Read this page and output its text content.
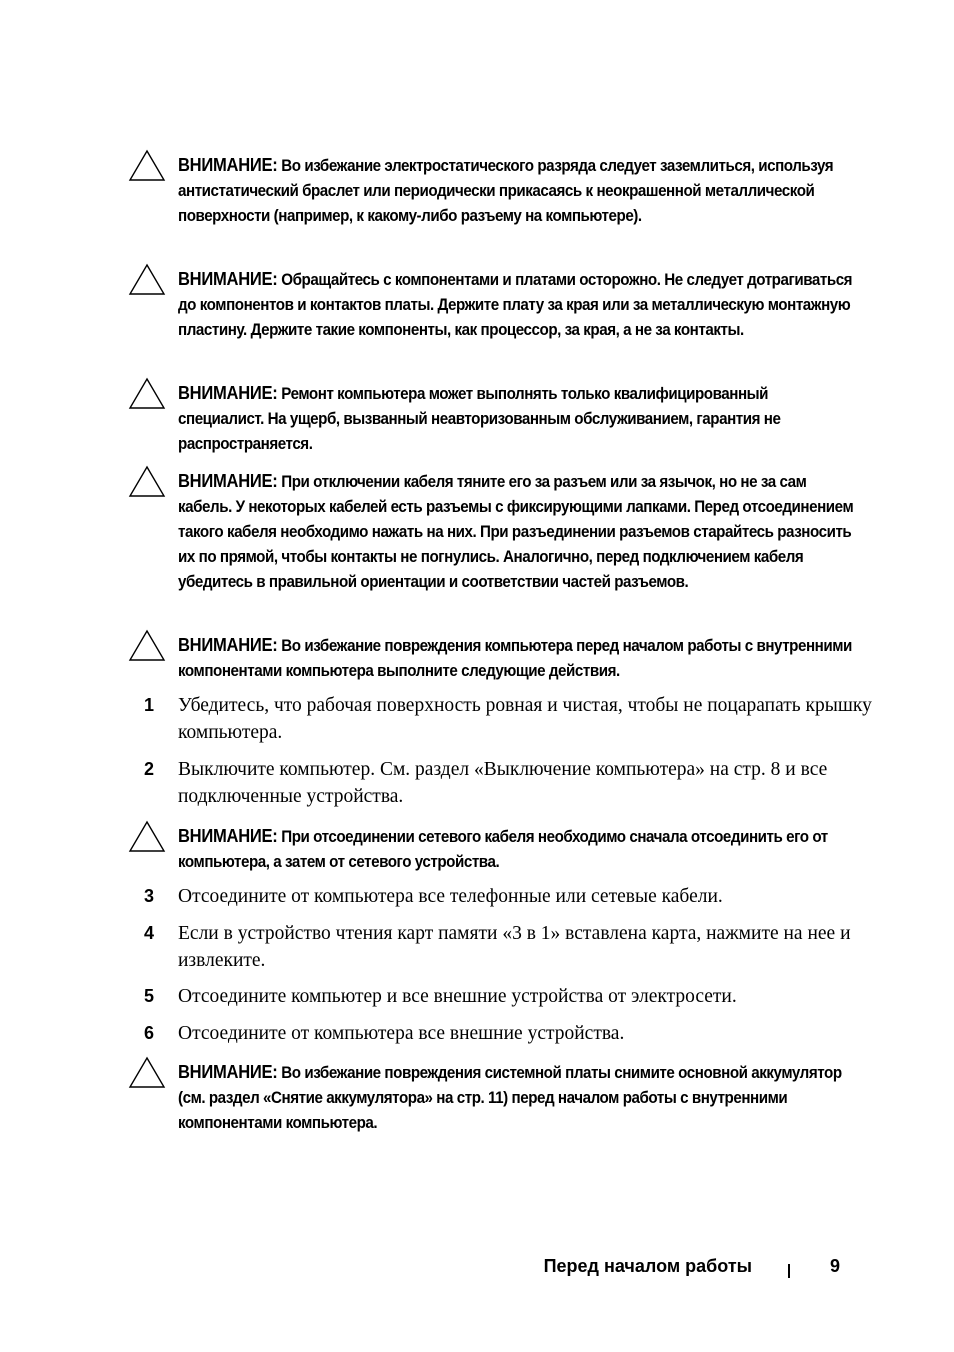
ВНИМАНИЕ: Во избежание электростатического разряда следует заземлиться, используя антистатический браслет или периодически прикасаясь к неокрашенной металлической поверхности (например, к какому-либо разъему на компьютере).
ВНИМАНИЕ: Обращайтесь с компонентами и платами осторожно. Не следует дотрагиваться до компонентов и контактов платы. Держите плату за края или за металлическую монтажную пластину. Держите такие компоненты, как процессор, за края, а не за контакты.
ВНИМАНИЕ: Ремонт компьютера может выполнять только квалифицированный специалист. На ущерб, вызванный неавторизованным обслуживанием, гарантия не распространяется.
ВНИМАНИЕ: При отключении кабеля тяните его за разъем или за язычок, но не за сам кабель. У некоторых кабелей есть разъемы с фиксирующими лапками. Перед отсоединением такого кабеля необходимо нажать на них. При разъединении разъемов старайтесь разносить их по прямой, чтобы контакты не погнулись. Аналогично, перед подключением кабеля убедитесь в правильной ориентации и соответствии частей разъемов.
ВНИМАНИЕ: Во избежание повреждения компьютера перед началом работы с внутренними компонентами компьютера выполните следующие действия.
1 Убедитесь, что рабочая поверхность ровная и чистая, чтобы не поцарапать крышку компьютера.
2 Выключите компьютер. См. раздел «Выключение компьютера» на стр. 8 и все подключенные устройства.
ВНИМАНИЕ: При отсоединении сетевого кабеля необходимо сначала отсоединить его от компьютера, а затем от сетевого устройства.
3 Отсоедините от компьютера все телефонные или сетевые кабели.
4 Если в устройство чтения карт памяти «3 в 1» вставлена карта, нажмите на нее и извлеките.
5 Отсоедините компьютер и все внешние устройства от электросети.
6 Отсоедините от компьютера все внешние устройства.
ВНИМАНИЕ: Во избежание повреждения системной платы снимите основной аккумулятор (см. раздел «Снятие аккумулятора» на стр. 11) перед началом работы с внутренними компонентами компьютера.
Перед началом работы	9
